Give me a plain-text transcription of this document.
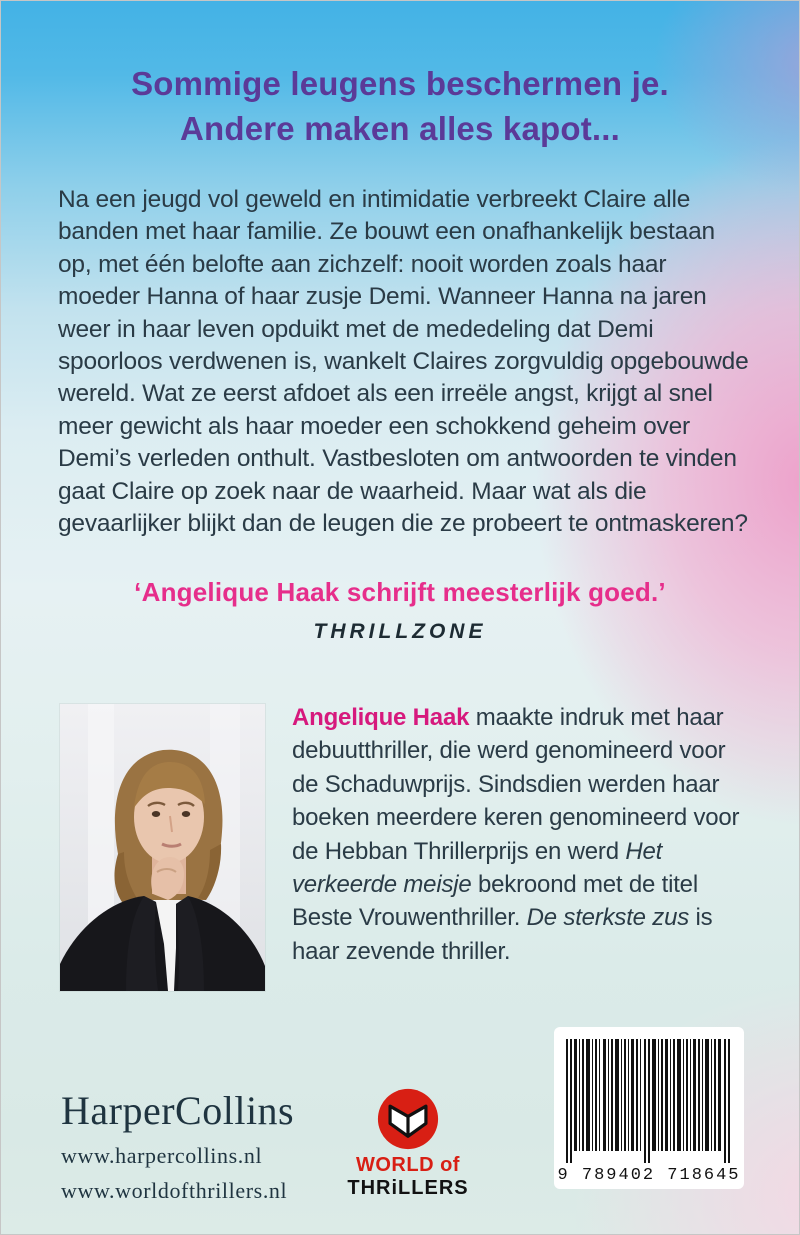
Sommige leugens beschermen je.
Andere maken alles kapot...
Na een jeugd vol geweld en intimidatie verbreekt Claire alle banden met haar familie. Ze bouwt een onafhankelijk bestaan op, met één belofte aan zichzelf: nooit worden zoals haar moeder Hanna of haar zusje Demi. Wanneer Hanna na jaren weer in haar leven opduikt met de mededeling dat Demi spoorloos verdwenen is, wankelt Claires zorgvuldig opgebouwde wereld. Wat ze eerst afdoet als een irreële angst, krijgt al snel meer gewicht als haar moeder een schokkend geheim over Demi’s verleden onthult. Vastbesloten om antwoorden te vinden gaat Claire op zoek naar de waarheid. Maar wat als die gevaarlijker blijkt dan de leugen die ze probeert te ontmaskeren?
‘Angelique Haak schrijft meesterlijk goed.’
THRILLZONE
Angelique Haak maakte indruk met haar debuutthriller, die werd genomineerd voor de Schaduwprijs. Sindsdien werden haar boeken meerdere keren genomineerd voor de Hebban Thrillerprijs en werd Het verkeerde meisje bekroond met de titel Beste Vrouwenthriller. De sterkste zus is haar zevende thriller.
HarperCollins
www.harpercollins.nl
www.worldofthrillers.nl
WORLD of
THRiLLERS
9 789402 718645
